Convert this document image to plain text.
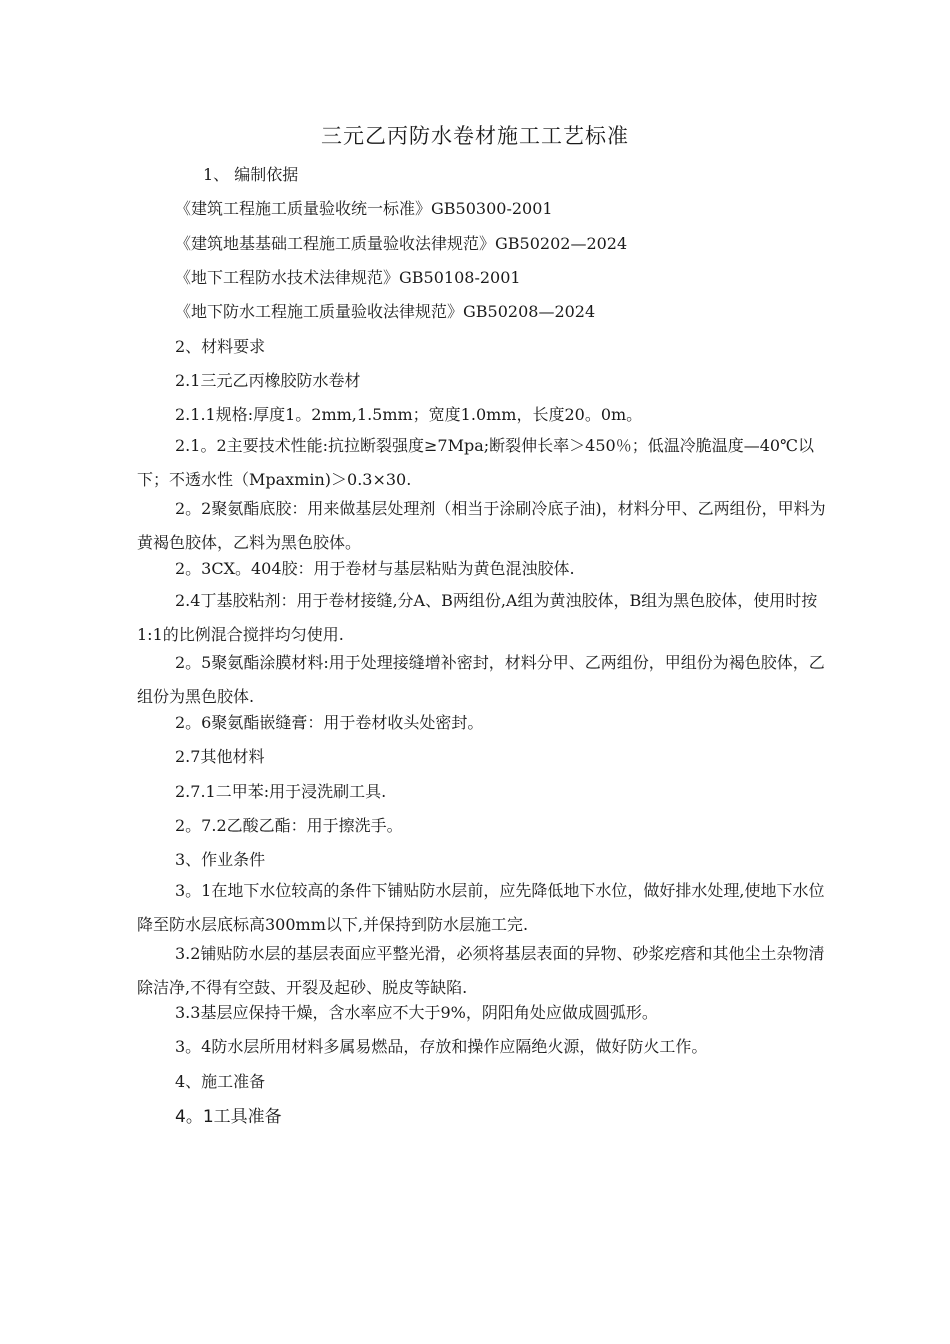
三元乙丙防水卷材施工工艺标准
1、 编制依据
《建筑工程施工质量验收统一标准》GB50300-2001
《建筑地基基础工程施工质量验收法律规范》GB50202—2024
《地下工程防水技术法律规范》GB50108-2001
《地下防水工程施工质量验收法律规范》GB50208—2024
2、材料要求
2.1三元乙丙橡胶防水卷材
2.1.1规格:厚度1。2mm,1.5mm；宽度1.0mm，长度20。0m。
2.1。2主要技术性能:抗拉断裂强度≥7Mpa;断裂伸长率＞450％；低温冷脆温度—40℃以下；不透水性（Mpaxmin)＞0.3×30.
2。2聚氨酯底胶：用来做基层处理剂（相当于涂刷冷底子油)，材料分甲、乙两组份，甲料为黄褐色胶体，乙料为黑色胶体。
2。3CX。404胶：用于卷材与基层粘贴为黄色混浊胶体.
2.4丁基胶粘剂：用于卷材接缝,分A、B两组份,A组为黄浊胶体，B组为黑色胶体，使用时按1:1的比例混合搅拌均匀使用.
2。5聚氨酯涂膜材料:用于处理接缝增补密封，材料分甲、乙两组份，甲组份为褐色胶体，乙组份为黑色胶体.
2。6聚氨酯嵌缝膏：用于卷材收头处密封。
2.7其他材料
2.7.1二甲苯:用于浸洗刷工具.
2。7.2乙酸乙酯：用于擦洗手。
3、作业条件
3。1在地下水位较高的条件下铺贴防水层前，应先降低地下水位，做好排水处理,使地下水位降至防水层底标高300mm以下,并保持到防水层施工完.
3.2铺贴防水层的基层表面应平整光滑，必须将基层表面的异物、砂浆疙瘩和其他尘土杂物清除洁净,不得有空鼓、开裂及起砂、脱皮等缺陷.
3.3基层应保持干燥，含水率应不大于9%，阴阳角处应做成圆弧形。
3。4防水层所用材料多属易燃品，存放和操作应隔绝火源，做好防火工作。
4、施工准备
4。1工具准备
